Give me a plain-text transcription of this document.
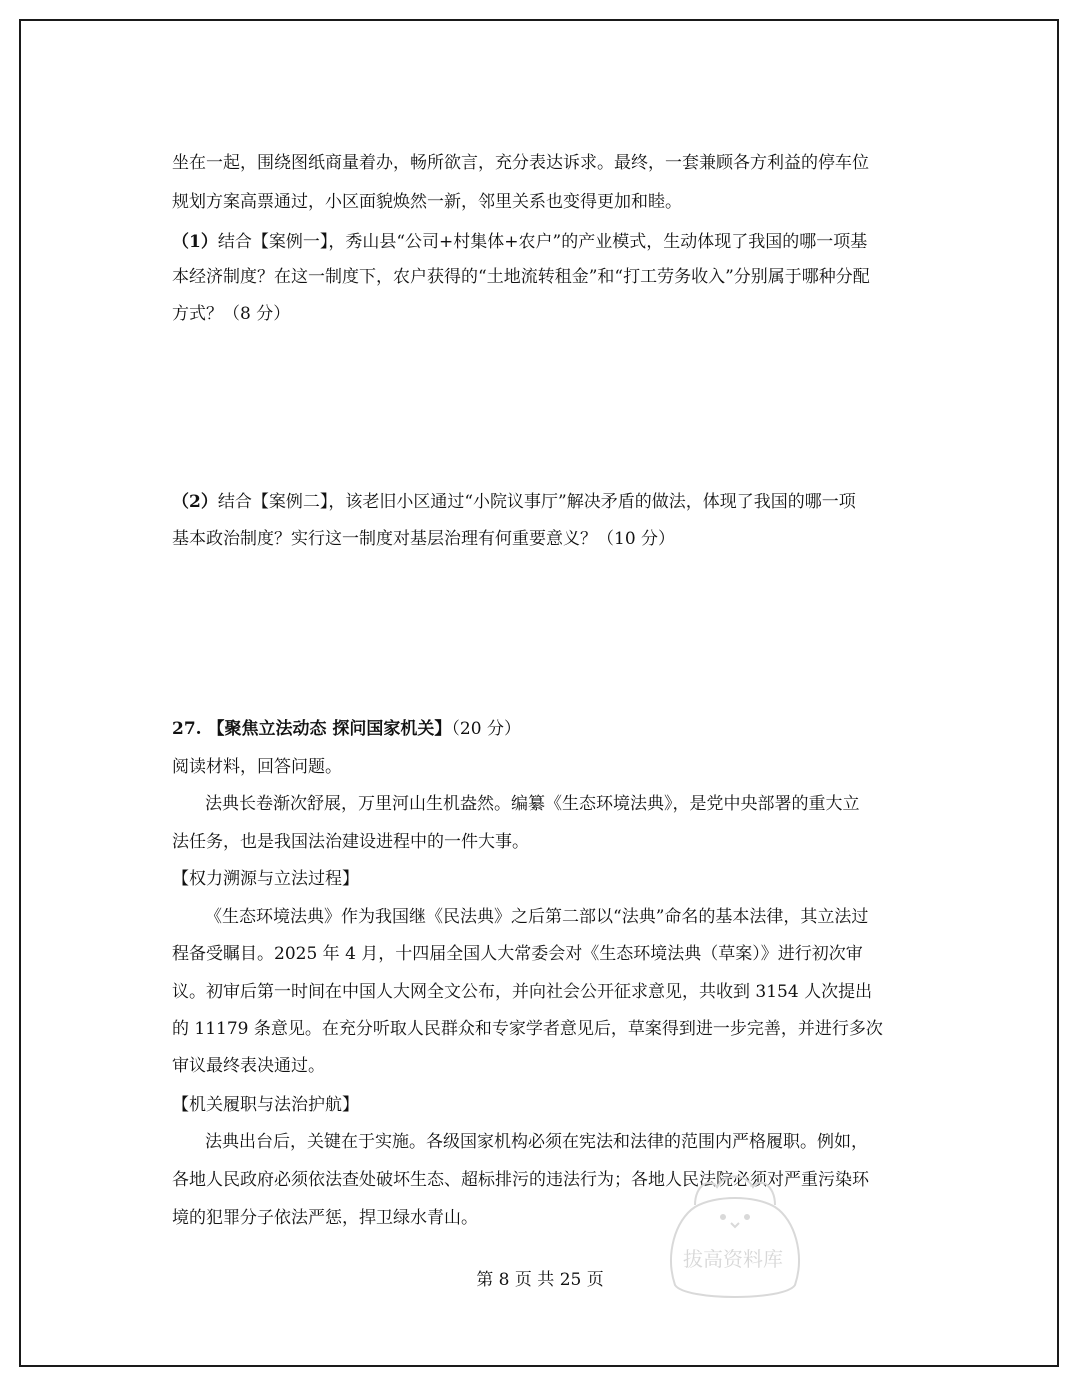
坐在一起，围绕图纸商量着办，畅所欲言，充分表达诉求。最终，一套兼顾各方利益的停车位
规划方案高票通过，小区面貌焕然一新，邻里关系也变得更加和睦。
（1）结合【案例一】，秀山县“公司+村集体+农户”的产业模式，生动体现了我国的哪一项基
本经济制度？在这一制度下，农户获得的“土地流转租金”和“打工劳务收入”分别属于哪种分配
方式？（8 分）
（2）结合【案例二】，该老旧小区通过“小院议事厅”解决矛盾的做法，体现了我国的哪一项
基本政治制度？实行这一制度对基层治理有何重要意义？（10 分）
27. 【聚焦立法动态 探问国家机关】（20 分）
阅读材料，回答问题。
法典长卷渐次舒展，万里河山生机盎然。编纂《生态环境法典》，是党中央部署的重大立
法任务，也是我国法治建设进程中的一件大事。
【权力溯源与立法过程】
《生态环境法典》作为我国继《民法典》之后第二部以“法典”命名的基本法律，其立法过
程备受瞩目。2025 年 4 月，十四届全国人大常委会对《生态环境法典（草案）》进行初次审
议。初审后第一时间在中国人大网全文公布，并向社会公开征求意见，共收到 3154 人次提出
的 11179 条意见。在充分听取人民群众和专家学者意见后，草案得到进一步完善，并进行多次
审议最终表决通过。
【机关履职与法治护航】
法典出台后，关键在于实施。各级国家机构必须在宪法和法律的范围内严格履职。例如，
各地人民政府必须依法查处破坏生态、超标排污的违法行为；各地人民法院必须对严重污染环
境的犯罪分子依法严惩，捍卫绿水青山。
第 8 页 共 25 页
拔高资料库
